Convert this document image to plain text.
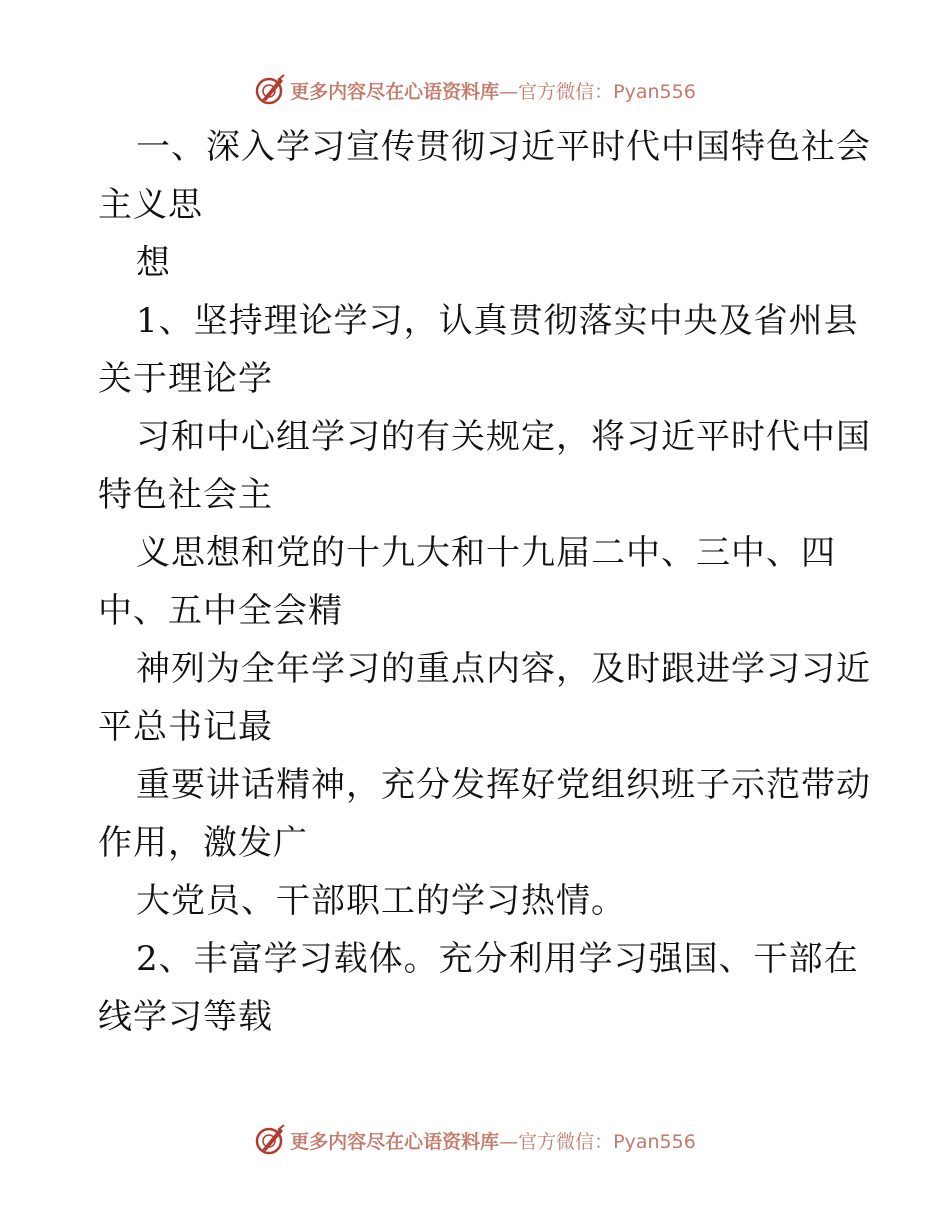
更多内容尽在心语资料库—官方微信：Pyan556
一、深入学习宣传贯彻习近平时代中国特色社会
主义思
想
1、坚持理论学习，认真贯彻落实中央及省州县
关于理论学
习和中心组学习的有关规定，将习近平时代中国
特色社会主
义思想和党的十九大和十九届二中、三中、四
中、五中全会精
神列为全年学习的重点内容，及时跟进学习习近
平总书记最
重要讲话精神，充分发挥好党组织班子示范带动
作用，激发广
大党员、干部职工的学习热情。
2、丰富学习载体。充分利用学习强国、干部在
线学习等载
更多内容尽在心语资料库—官方微信：Pyan556
